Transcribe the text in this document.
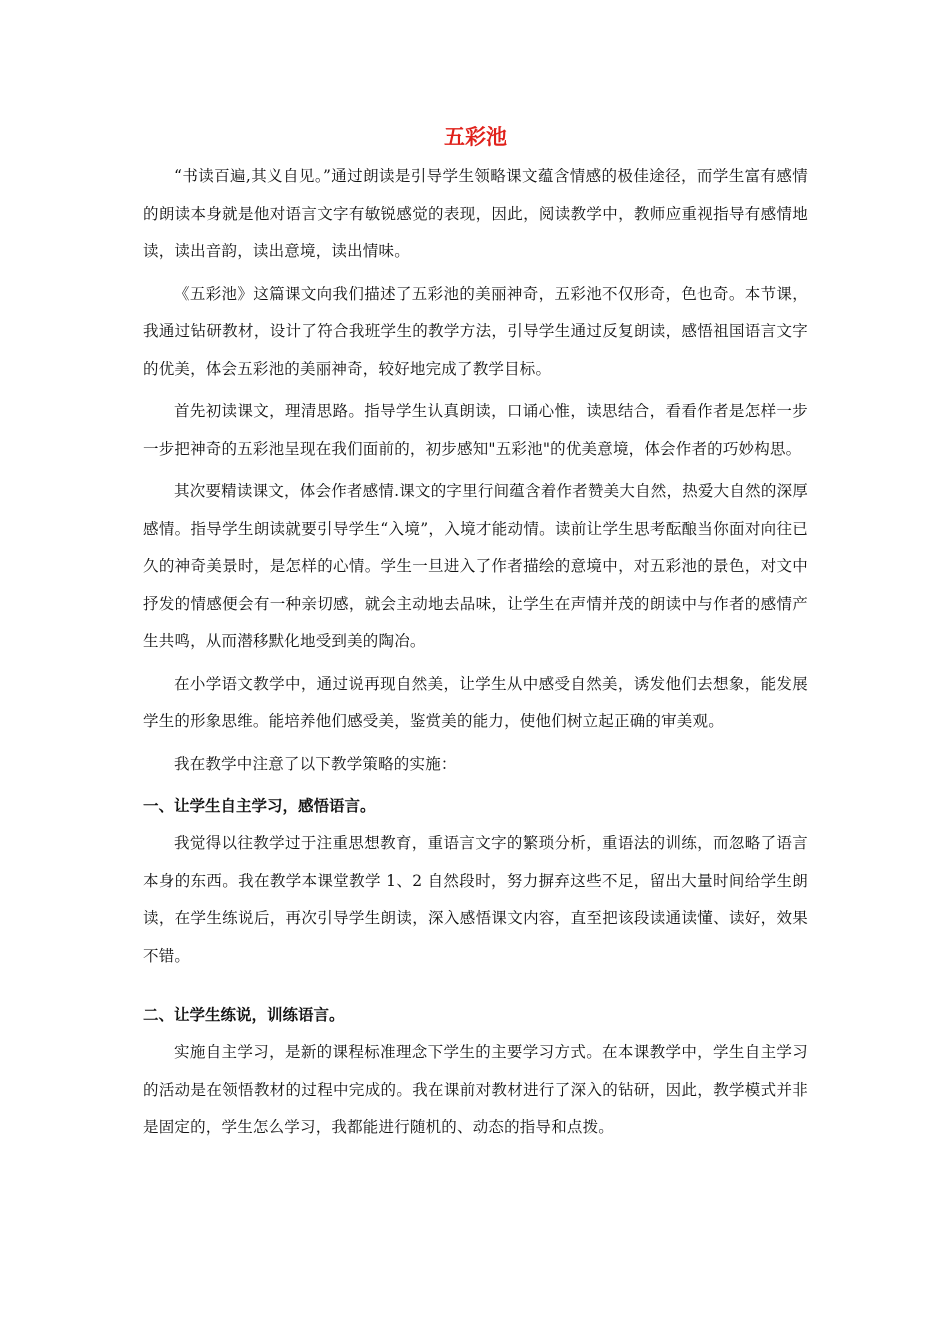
五彩池

“书读百遍,其义自见。”通过朗读是引导学生领略课文蕴含情感的极佳途径，而学生富有感情的朗读本身就是他对语言文字有敏锐感觉的表现，因此，阅读教学中，教师应重视指导有感情地读，读出音韵，读出意境，读出情味。

《五彩池》这篇课文向我们描述了五彩池的美丽神奇，五彩池不仅形奇，色也奇。本节课，我通过钻研教材，设计了符合我班学生的教学方法，引导学生通过反复朗读，感悟祖国语言文字的优美，体会五彩池的美丽神奇，较好地完成了教学目标。

首先初读课文，理清思路。指导学生认真朗读，口诵心惟，读思结合，看看作者是怎样一步一步把神奇的五彩池呈现在我们面前的，初步感知"五彩池"的优美意境，体会作者的巧妙构思。

其次要精读课文，体会作者感情.课文的字里行间蕴含着作者赞美大自然，热爱大自然的深厚感情。指导学生朗读就要引导学生“入境”，入境才能动情。读前让学生思考酝酿当你面对向往已久的神奇美景时，是怎样的心情。学生一旦进入了作者描绘的意境中，对五彩池的景色，对文中抒发的情感便会有一种亲切感，就会主动地去品味，让学生在声情并茂的朗读中与作者的感情产生共鸣，从而潜移默化地受到美的陶冶。

在小学语文教学中，通过说再现自然美，让学生从中感受自然美，诱发他们去想象，能发展学生的形象思维。能培养他们感受美，鉴赏美的能力，使他们树立起正确的审美观。

我在教学中注意了以下教学策略的实施：

一、让学生自主学习，感悟语言。

我觉得以往教学过于注重思想教育，重语言文字的繁琐分析，重语法的训练，而忽略了语言本身的东西。我在教学本课堂教学 1、2 自然段时，努力摒弃这些不足，留出大量时间给学生朗读，在学生练说后，再次引导学生朗读，深入感悟课文内容，直至把该段读通读懂、读好，效果不错。

二、让学生练说，训练语言。

实施自主学习，是新的课程标准理念下学生的主要学习方式。在本课教学中，学生自主学习的活动是在领悟教材的过程中完成的。我在课前对教材进行了深入的钻研，因此，教学模式并非是固定的，学生怎么学习，我都能进行随机的、动态的指导和点拨。
